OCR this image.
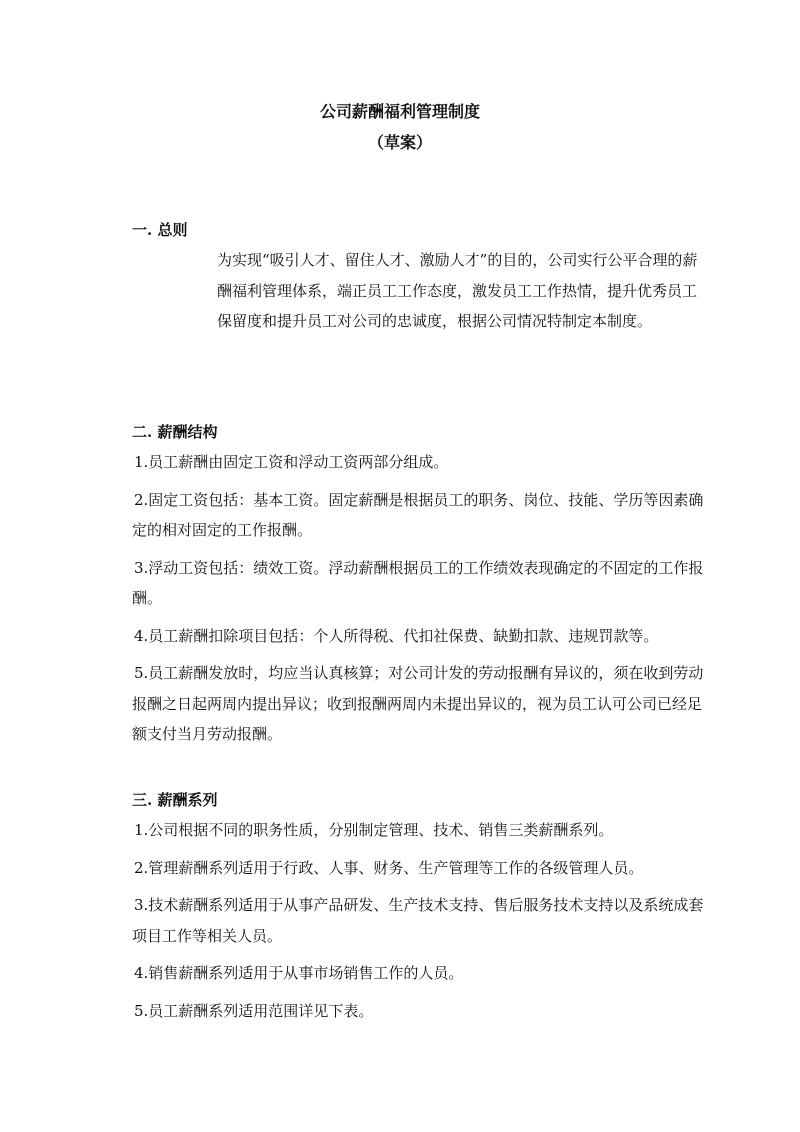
公司薪酬福利管理制度
（草案）
一. 总则

为实现“吸引人才、留住人才、激励人才”的目的，公司实行公平合理的薪酬福利管理体系，端正员工工作态度，激发员工工作热情，提升优秀员工保留度和提升员工对公司的忠诚度，根据公司情况特制定本制度。

二. 薪酬结构

1.员工薪酬由固定工资和浮动工资两部分组成。

2.固定工资包括：基本工资。固定薪酬是根据员工的职务、岗位、技能、学历等因素确定的相对固定的工作报酬。

3.浮动工资包括：绩效工资。浮动薪酬根据员工的工作绩效表现确定的不固定的工作报酬。

4.员工薪酬扣除项目包括：个人所得税、代扣社保费、缺勤扣款、违规罚款等。

5.员工薪酬发放时，均应当认真核算；对公司计发的劳动报酬有异议的，须在收到劳动报酬之日起两周内提出异议；收到报酬两周内未提出异议的，视为员工认可公司已经足额支付当月劳动报酬。

三. 薪酬系列

1.公司根据不同的职务性质，分别制定管理、技术、销售三类薪酬系列。

2.管理薪酬系列适用于行政、人事、财务、生产管理等工作的各级管理人员。

3.技术薪酬系列适用于从事产品研发、生产技术支持、售后服务技术支持以及系统成套项目工作等相关人员。

4.销售薪酬系列适用于从事市场销售工作的人员。

5.员工薪酬系列适用范围详见下表。
